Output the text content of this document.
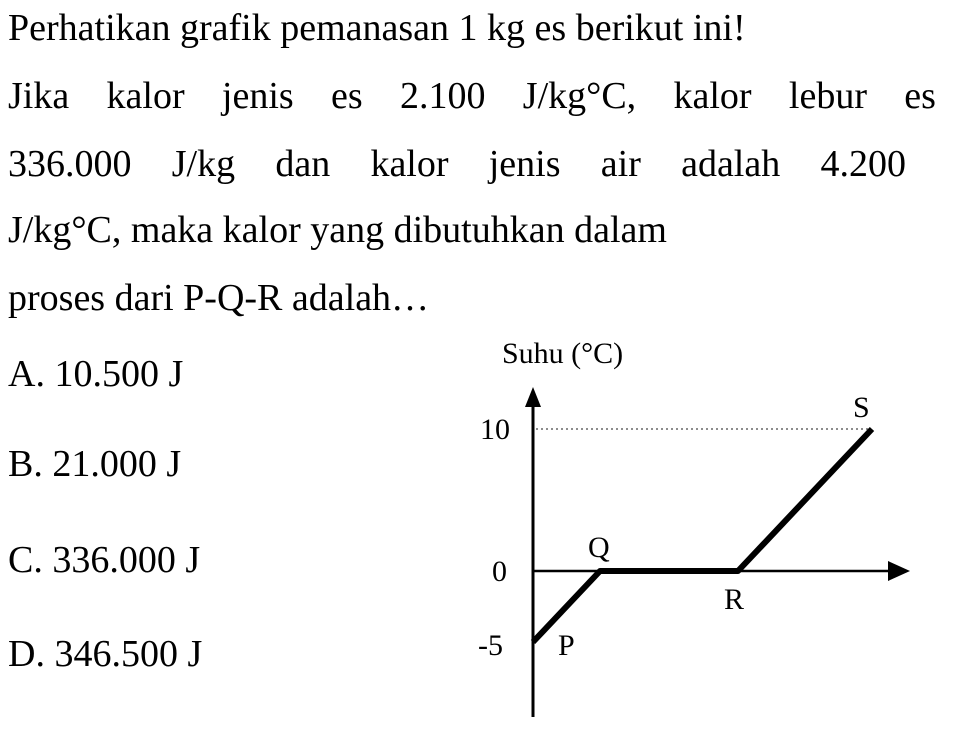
Perhatikan grafik pemanasan 1 kg es berikut ini!
Jika kalor jenis es 2.100 J/kg°C, kalor lebur es
336.000 J/kg dan kalor jenis air adalah 4.200
J/kg°C, maka kalor yang dibutuhkan dalam
proses dari P-Q-R adalah…
A. 10.500 J
B. 21.000 J
C. 336.000 J
D. 346.500 J
Suhu (°C)
10
0
-5 P
Q
R
S
